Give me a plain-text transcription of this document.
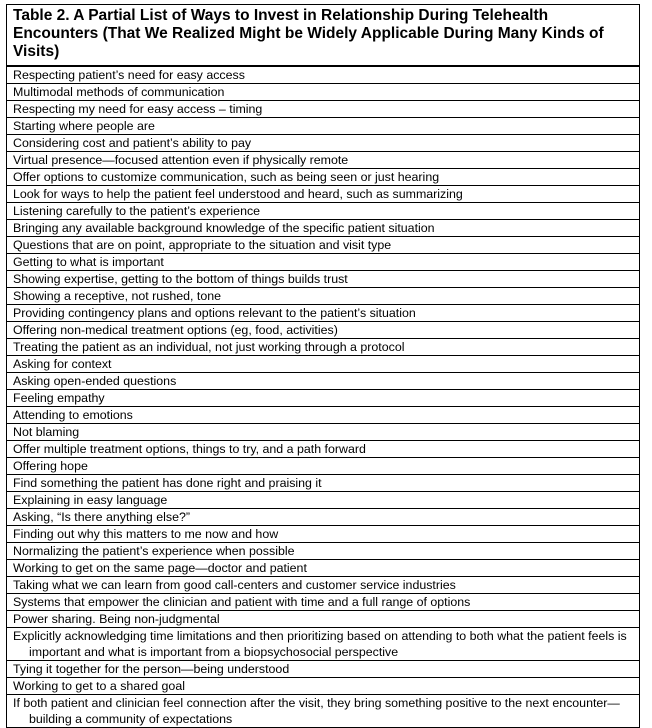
Table 2. A Partial List of Ways to Invest in Relationship During Telehealth Encounters (That We Realized Might be Widely Applicable During Many Kinds of Visits)
Respecting patient’s need for easy access
Multimodal methods of communication
Respecting my need for easy access – timing
Starting where people are
Considering cost and patient’s ability to pay
Virtual presence—focused attention even if physically remote
Offer options to customize communication, such as being seen or just hearing
Look for ways to help the patient feel understood and heard, such as summarizing
Listening carefully to the patient’s experience
Bringing any available background knowledge of the specific patient situation
Questions that are on point, appropriate to the situation and visit type
Getting to what is important
Showing expertise, getting to the bottom of things builds trust
Showing a receptive, not rushed, tone
Providing contingency plans and options relevant to the patient’s situation
Offering non-medical treatment options (eg, food, activities)
Treating the patient as an individual, not just working through a protocol
Asking for context
Asking open-ended questions
Feeling empathy
Attending to emotions
Not blaming
Offer multiple treatment options, things to try, and a path forward
Offering hope
Find something the patient has done right and praising it
Explaining in easy language
Asking, “Is there anything else?”
Finding out why this matters to me now and how
Normalizing the patient’s experience when possible
Working to get on the same page—doctor and patient
Taking what we can learn from good call-centers and customer service industries
Systems that empower the clinician and patient with time and a full range of options
Power sharing. Being non-judgmental
Explicitly acknowledging time limitations and then prioritizing based on attending to both what the patient feels is important and what is important from a biopsychosocial perspective
Tying it together for the person—being understood
Working to get to a shared goal
If both patient and clinician feel connection after the visit, they bring something positive to the next encounter—building a community of expectations
